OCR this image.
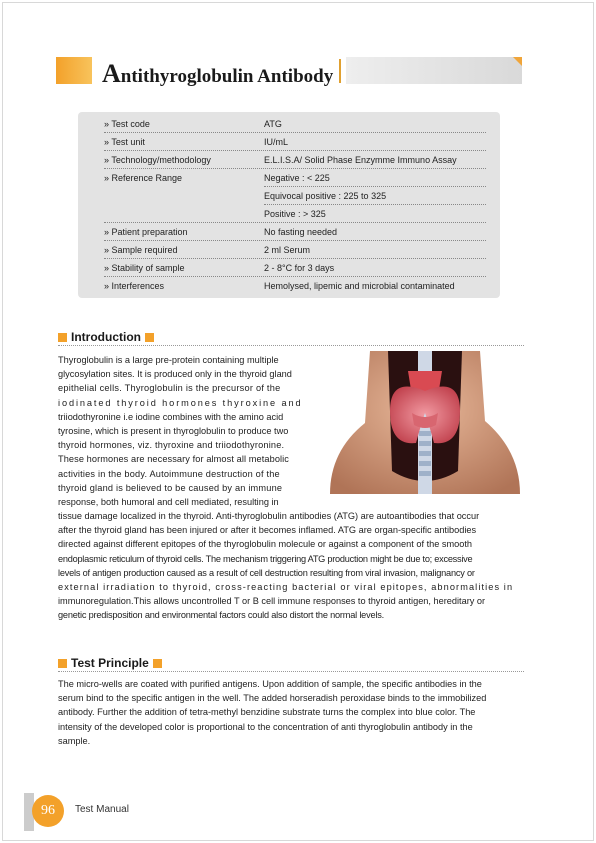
Antithyroglobulin Antibody
» Test code	ATG
» Test unit	IU/mL
» Technology/methodology	E.L.I.S.A/ Solid Phase Enzymme Immuno Assay
» Reference Range	Negative : < 225
Equivocal positive : 225 to 325
Positive : > 325
» Patient preparation	No fasting needed
» Sample required	2 ml Serum
» Stability of sample	2 - 8°C for 3 days
» Interferences	Hemolysed, lipemic and microbial contaminated
Introduction
Thyroglobulin is a large pre-protein containing multiple
glycosylation sites. It is produced only in the thyroid gland
epithelial cells. Thyroglobulin is the precursor of the
iodinated thyroid hormones thyroxine and
triiodothyronine i.e iodine combines with the amino acid
tyrosine, which is present in thyroglobulin to produce two
thyroid hormones, viz. thyroxine and triiodothyronine.
These hormones are necessary for almost all metabolic
activities in the body. Autoimmune destruction of the
thyroid gland is believed to be caused by an immune
response, both humoral and cell mediated, resulting in
tissue damage localized in the thyroid. Anti-thyroglobulin antibodies (ATG) are autoantibodies that occur
after the thyroid gland has been injured or after it becomes inflamed. ATG are organ-specific antibodies
directed against different epitopes of the thyroglobulin molecule or against a component of the smooth
endoplasmic reticulum of thyroid cells. The mechanism triggering ATG production might be due to; excessive
levels of antigen production caused as a result of cell destruction resulting from viral invasion, malignancy or
external irradiation to thyroid, cross-reacting bacterial or viral epitopes, abnormalities in
immunoregulation.This allows uncontrolled T or B cell immune responses to thyroid antigen, hereditary or
genetic predisposition and environmental factors could also distort the normal levels.
Test Principle
The micro-wells are coated with purified antigens. Upon addition of sample, the specific antibodies in the
serum bind to the specific antigen in the well. The added horseradish peroxidase binds to the immobilized
antibody. Further the addition of tetra-methyl benzidine substrate turns the complex into blue color. The
intensity of the developed color is proportional to the concentration of anti thyroglobulin antibody in the
sample.
96	Test Manual
